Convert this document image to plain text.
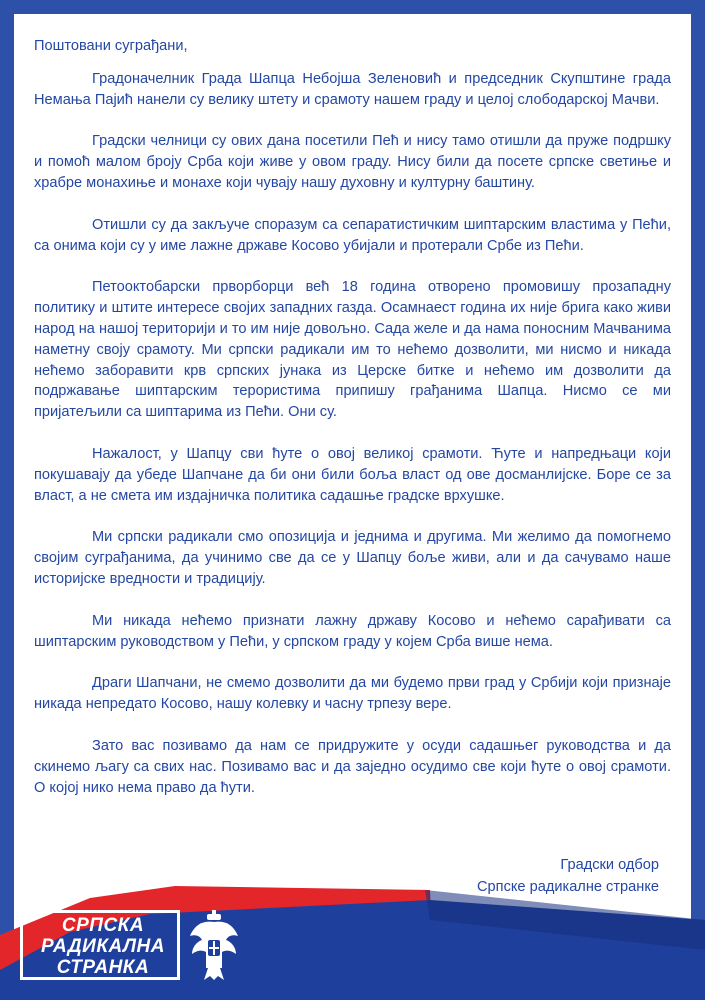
Поштовани суграђани,

Градоначелник Града Шапца Небојша Зеленовић и председник Скупштине града Немања Пајић нанели су велику штету и срамоту нашем граду и целој слободарској Мачви.

Градски челници су ових дана посетили Пећ и нису тамо отишли да пруже подршку и помоћ малом броју Срба који живе у овом граду. Нису били да посете српске светиње и храбре монахиње и монахе који чувају нашу духовну и културну баштину.

Отишли су да закључе споразум са сепаратистичким шиптарским властима у Пећи, са онима који су у име лажне државе Косово убијали и протерали Србе из Пећи.

Петооктобарски прворборци већ 18 година отворено промовишу прозападну политику и штите интересе својих западних газда. Осамнаест година их није брига како живи народ на нашој територији и то им није довољно. Сада желе и да нама поносним Мачванима наметну своју срамоту. Ми српски радикали им то нећемо дозволити, ми нисмо и никада нећемо заборавити крв српских јунака из Церске битке и нећемо им дозволити да подржавање шиптарским терористима припишу грађанима Шапца. Нисмо се ми пријатељили са шиптарима из Пећи. Они су.

Нажалост, у Шапцу сви ћуте о овој великој срамоти. Ћуте и напредњаци који покушавају да убеде Шапчане да би они били боља власт од ове досманлијске. Боре се за власт, а не смета им издајничка политика садашње градске врхушке.

Ми српски радикали смо опозиција и једнима и другима. Ми желимо да помогнемо својим суграђанима, да учинимо све да се у Шапцу боље живи, али и да сачувамо наше историјске вредности и традицију.

Ми никада нећемо признати лажну државу Косово и нећемо сарађивати са шиптарским руководством у Пећи, у српском граду у којем Срба више нема.

Драги Шапчани, не смемо дозволити да ми будемо први град у Србији који признаје никада непредато Косово, нашу колевку и часну трпезу вере.

Зато вас позивамо да нам се придружите у осуди садашњег руководства и да скинемо љагу са свих нас. Позивамо вас и да заједно осудимо све који ћуте о овој срамоти. О којој нико нема право да ћути.

Градски одбор
Српске радикалне странке
СРПСКА
РАДИКАЛНА
СТРАНКА
